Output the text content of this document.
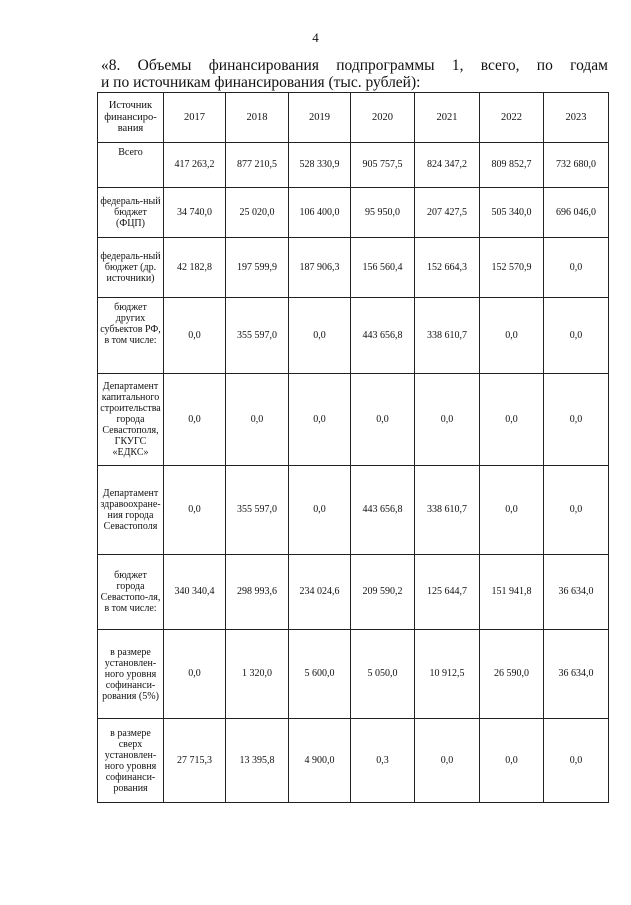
4
«8. Объемы финансирования подпрограммы 1, всего, по годам
и по источникам финансирования (тыс. рублей):
Источник финансиро-вания	2017	2018	2019	2020	2021	2022	2023
Всего	417 263,2	877 210,5	528 330,9	905 757,5	824 347,2	809 852,7	732 680,0
федераль-ный бюджет (ФЦП)	34 740,0	25 020,0	106 400,0	95 950,0	207 427,5	505 340,0	696 046,0
федераль-ный бюджет (др. источники)	42 182,8	197 599,9	187 906,3	156 560,4	152 664,3	152 570,9	0,0
бюджет других субъектов РФ, в том числе:	0,0	355 597,0	0,0	443 656,8	338 610,7	0,0	0,0
Департамент капитального строительства города Севастополя, ГКУГС «ЕДКС»	0,0	0,0	0,0	0,0	0,0	0,0	0,0
Департамент здравоохране-ния города Севастополя	0,0	355 597,0	0,0	443 656,8	338 610,7	0,0	0,0
бюджет города Севастопо-ля, в том числе:	340 340,4	298 993,6	234 024,6	209 590,2	125 644,7	151 941,8	36 634,0
в размере установлен-ного уровня софинанси-рования (5%)	0,0	1 320,0	5 600,0	5 050,0	10 912,5	26 590,0	36 634,0
в размере сверх установлен-ного уровня софинанси-рования	27 715,3	13 395,8	4 900,0	0,3	0,0	0,0	0,0
